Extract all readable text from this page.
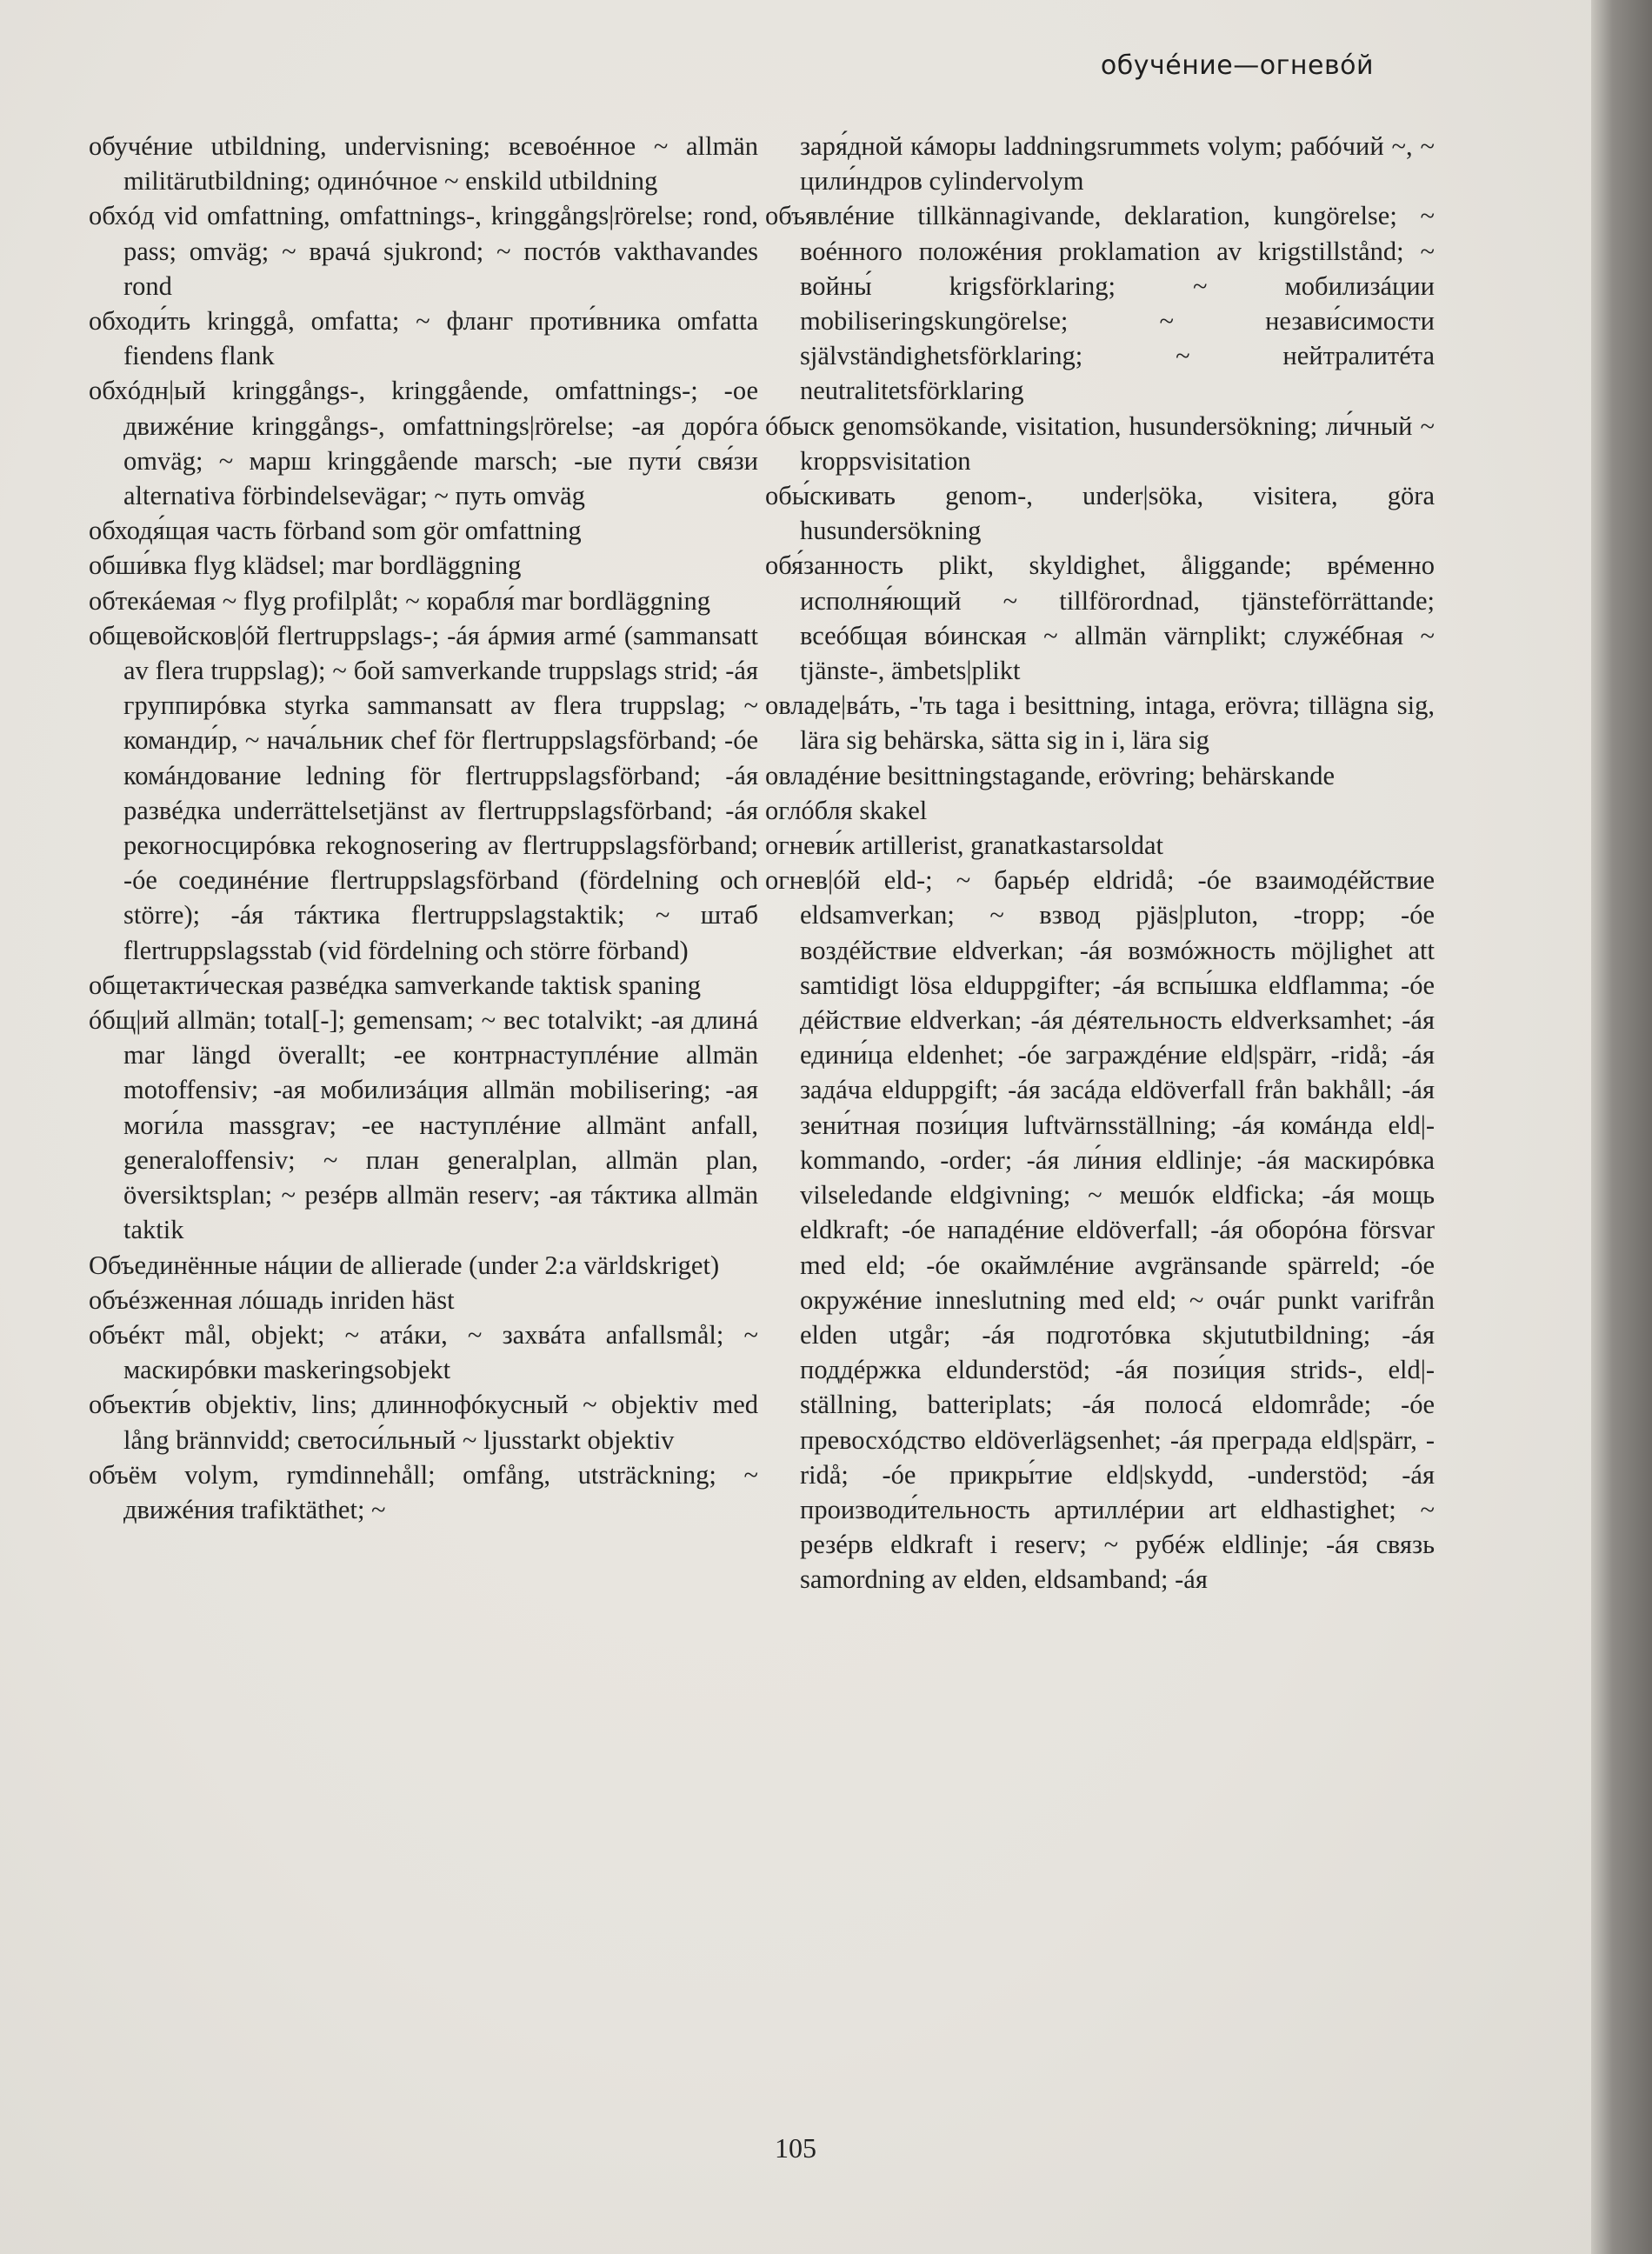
обучéние—огневóй

обучéние utbildning, undervisning; всевоéнное ~ allmän militärutbildning; одинóчное ~ enskild utbildning

обхóд vid omfattning, omfattnings-, kringgångs|rörelse; rond, pass; omväg; ~ врачá sjukrond; ~ постóв vakthavandes rond

обходи́ть kringgå, omfatta; ~ фланг проти́вника omfatta fiendens flank

обхóдн|ый kringgångs-, kringgående, omfattnings-; -ое движéние kringgångs-, omfattnings|rörelse; -ая дорóга omväg; ~ марш kringgående marsch; -ые пути́ свя́зи alternativa förbindelsevägar; ~ путь omväg

обходя́щая часть förband som gör omfattning

обши́вка flyg klädsel; mar bordläggning

обтекáемая ~ flyg profilplåt; ~ корабля́ mar bordläggning

общевойсков|óй flertruppslags-; -áя áрмия armé (sammansatt av flera truppslag); ~ бой samverkande truppslags strid; -áя группирóвка styrka sammansatt av flera truppslag; ~ команди́р, ~ нача́льник chef för flertruppslagsförband; -óе комáндование ledning för flertruppslagsförband; -áя развéдка underrättelsetjänst av flertruppslagsförband; -áя рекогносцирóвка rekognosering av flertruppslagsförband; -óе соединéние flertruppslagsförband (fördelning och större); -áя тáктика flertruppslagstaktik; ~ штаб flertruppslagsstab (vid fördelning och större förband)

общетакти́ческая развéдка samverkande taktisk spaning

óбщ|ий allmän; total[-]; gemensam; ~ вес totalvikt; -ая длинá mar längd överallt; -ее контрнаступлéние allmän motoffensiv; -ая мобилизáция allmän mobilisering; -ая моги́ла massgrav; -ее наступлéние allmänt anfall, generaloffensiv; ~ план generalplan, allmän plan, översiktsplan; ~ резéрв allmän reserv; -ая тáктика allmän taktik

Объединённые нáции de allierade (under 2:a världskriget)

объéзженная лóшадь inriden häst

объéкт mål, objekt; ~ атáки, ~ захвáта anfallsmål; ~ маскирóвки maskeringsobjekt

объекти́в objektiv, lins; длиннофóкусный ~ objektiv med lång brännvidd; светоси́льный ~ ljusstarkt objektiv

объём volym, rymdinnehåll; omfång, utsträckning; ~ движéния trafiktäthet; ~

заря́дной кáморы laddningsrummets volym; рабóчий ~, ~ цили́ндров cylindervolym

объявлéние tillkännagivande, deklaration, kungörelse; ~ воéнного положéния proklamation av krigstillstånd; ~ войны́ krigsförklaring; ~ мобилизáции mobiliseringskungörelse; ~ незави́симости självständighetsförklaring; ~ нейтралитéта neutralitetsförklaring

óбыск genomsökande, visitation, husundersökning; ли́чный ~ kroppsvisitation

обы́скивать genom-, under|söka, visitera, göra husundersökning

обя́занность plikt, skyldighet, åliggande; врéменно исполня́ющий ~ tillförordnad, tjänsteförrättande; всеóбщая вóинская ~ allmän värnplikt; служéбная ~ tjänste-, ämbets|plikt

овладе|вáть, -'ть taga i besittning, intaga, erövra; tillägna sig, lära sig behärska, sätta sig in i, lära sig

овладéние besittningstagande, erövring; behärskande

оглóбля skakel

огневи́к artillerist, granatkastarsoldat

огнев|óй eld-; ~ барьéр eldridå; -óе взаимодéйствие eldsamverkan; ~ взвод pjäs|pluton, -tropp; -óе воздéйствие eldverkan; -áя возмóжность möjlighet att samtidigt lösa elduppgifter; -áя вспы́шка eldflamma; -óе дéйствие eldverkan; -áя дéятельность eldverksamhet; -áя едини́ца eldenhet; -óе заграждéние eld|spärr, -ridå; -áя задáча elduppgift; -áя засáда eldöverfall från bakhåll; -áя зени́тная пози́ция luftvärnsställning; -áя комáнда eld|-kommando, -order; -áя ли́ния eldlinje; -áя маскирóвка vilseledande eldgivning; ~ мешóк eldficka; -áя мощь eldkraft; -óе нападéние eldöverfall; -áя оборóна försvar med eld; -óе окаймлéние avgränsande spärreld; -óе окружéние inneslutning med eld; ~ очáг punkt varifrån elden utgår; -áя подготóвка skjututbildning; -áя поддéржка eldunderstöd; -áя пози́ция strids-, eld|-ställning, batteriplats; -áя полосá eldområde; -óе превосхóдство eldöverlägsenhet; -áя преграда eld|spärr, -ridå; -óе прикры́тие eld|skydd, -understöd; -áя производи́тельность артиллéрии art eldhastighet; ~ резéрв eldkraft i reserv; ~ рубéж eldlinje; -áя связь samordning av elden, eldsamband; -áя

105
